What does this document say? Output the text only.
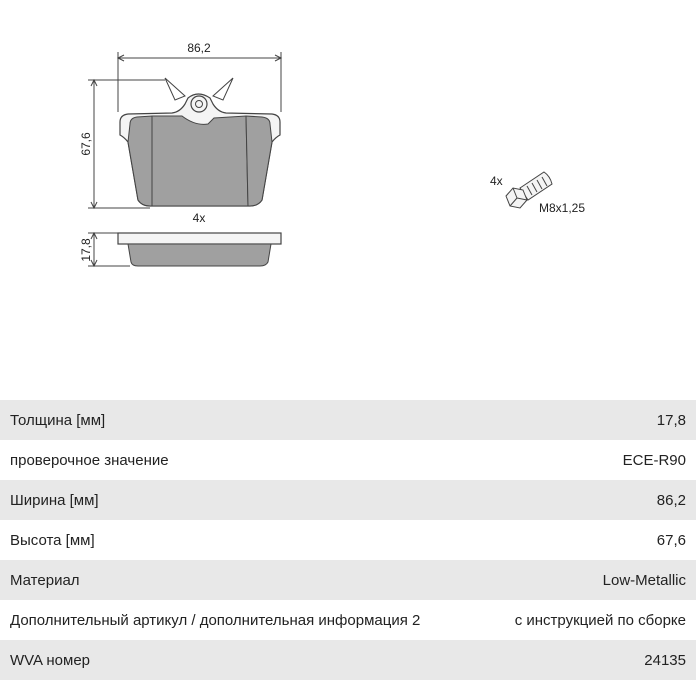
86,2
67,6
4x
17,8
4x
M8x1,25
Толщина [мм]	17,8
проверочное значение	ECE-R90
Ширина [мм]	86,2
Высота [мм]	67,6
Материал	Low-Metallic
Дополнительный артикул / дополнительная информация 2	с инструкцией по сборке
WVA номер	24135
